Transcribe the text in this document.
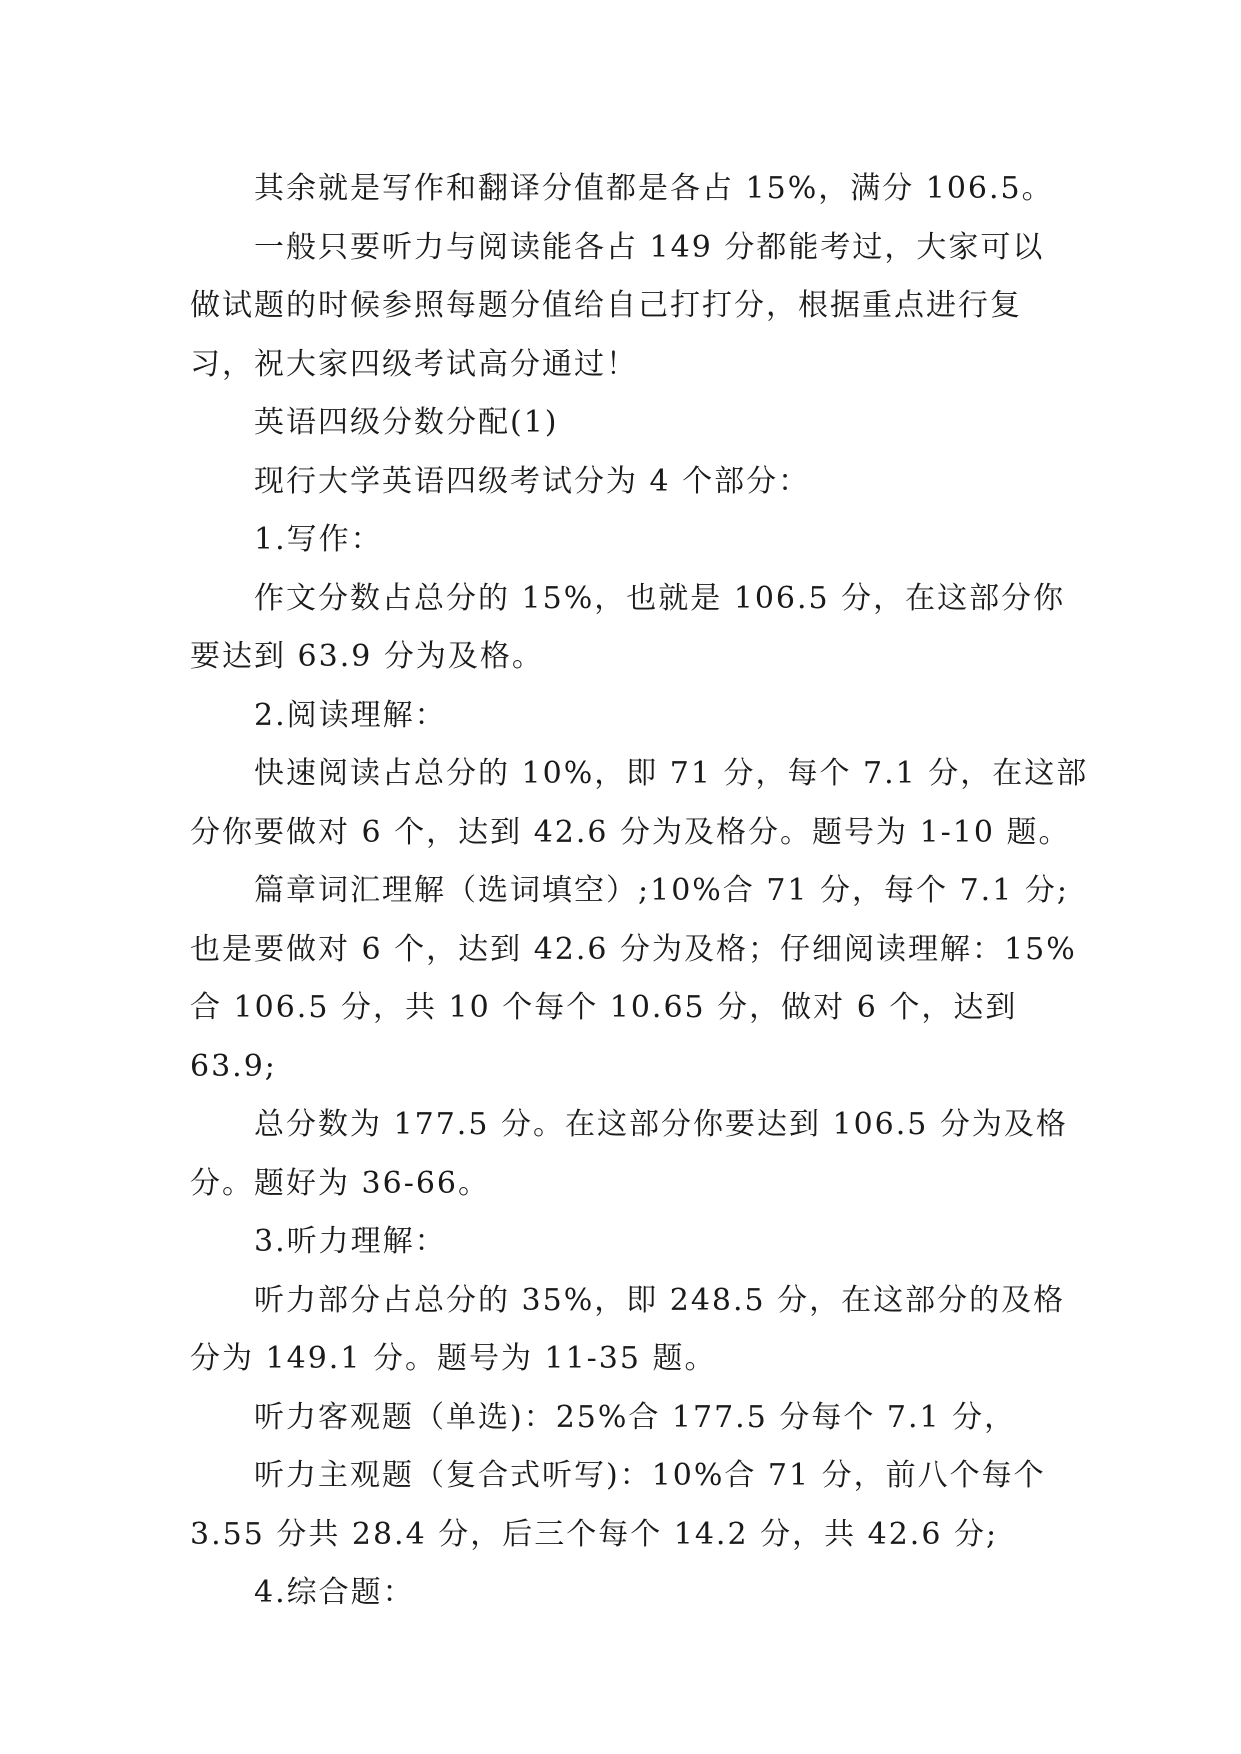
其余就是写作和翻译分值都是各占 15%，满分 106.5。

一般只要听力与阅读能各占 149 分都能考过，大家可以
做试题的时候参照每题分值给自己打打分，根据重点进行复
习，祝大家四级考试高分通过！

英语四级分数分配(1)

现行大学英语四级考试分为 4 个部分：

1.写作：

作文分数占总分的 15%，也就是 106.5 分，在这部分你
要达到 63.9 分为及格。

2.阅读理解：

快速阅读占总分的 10%，即 71 分，每个 7.1 分，在这部
分你要做对 6 个，达到 42.6 分为及格分。题号为 1-10 题。

篇章词汇理解（选词填空）;10%合 71 分，每个 7.1 分;
也是要做对 6 个，达到 42.6 分为及格；仔细阅读理解：15%
合 106.5 分，共 10 个每个 10.65 分，做对 6 个，达到 63.9;

总分数为 177.5 分。在这部分你要达到 106.5 分为及格
分。题好为 36-66。

3.听力理解：

听力部分占总分的 35%，即 248.5 分，在这部分的及格
分为 149.1 分。题号为 11-35 题。

听力客观题（单选)：25%合 177.5 分每个 7.1 分，

听力主观题（复合式听写)：10%合 71 分，前八个每个
3.55 分共 28.4 分，后三个每个 14.2 分，共 42.6 分;

4.综合题：
